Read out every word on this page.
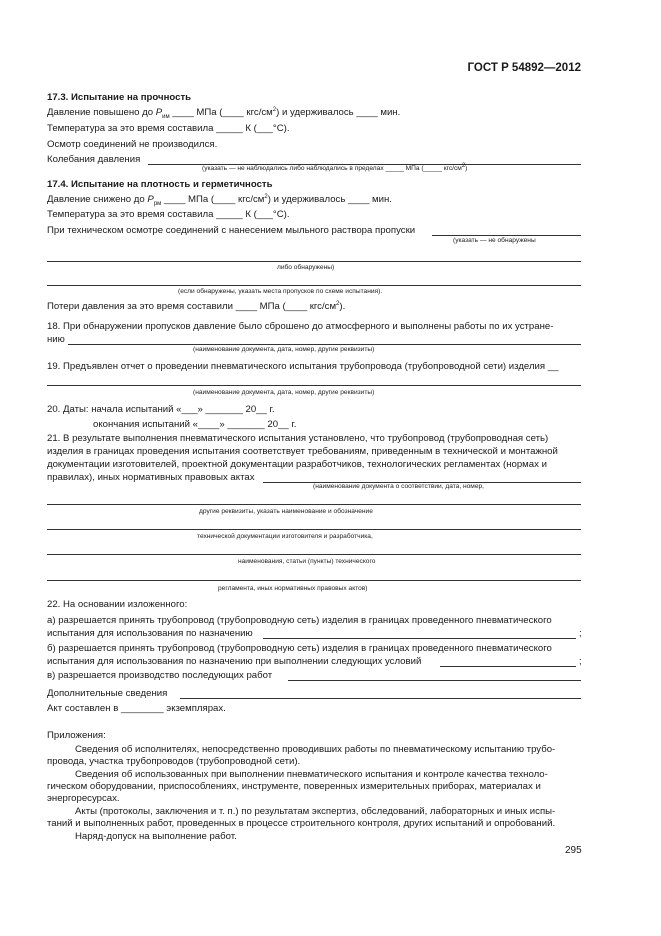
ГОСТ Р 54892—2012
17.3. Испытание на прочность
Давление повышено до $P_{им}$ ____ МПа (____ кгс/$см^2$) и удерживалось ____ мин.
Температура за это время составила _____ К (___°С).
Осмотр соединений не производился.
Колебания давления
(указать — не наблюдались либо наблюдались в пределах _____ МПа (_____ кгс/$см^2$)
17.4. Испытание на плотность и герметичность
Давление снижено до $P_{рм}$ ____ МПа (____ кгс/$см^2$) и удерживалось ____ мин.
Температура за это время составила _____ К (___°С).
При техническом осмотре соединений с нанесением мыльного раствора пропуски
(указать — не обнаружены
либо обнаружены)
(если обнаружены, указать места пропусков по схеме испытания).
Потери давления за это время составили ____ МПа (____ кгс/$см^2$).
18. При обнаружении пропусков давление было сброшено до атмосферного и выполнены работы по их устране-
нию
(наименование документа, дата, номер, другие реквизиты)
19. Предъявлен отчет о проведении пневматического испытания трубопровода (трубопроводной сети) изделия __
(наименование документа, дата, номер, другие реквизиты)
20. Даты: начала испытаний «___» _______ 20__ г.
окончания испытаний «____» _______ 20__ г.
21. В результате выполнения пневматического испытания установлено, что трубопровод (трубопроводная сеть)
изделия в границах проведения испытания соответствует требованиям, приведенным в технической и монтажной
документации изготовителей, проектной документации разработчиков, технологических регламентах (нормах и
правилах), иных нормативных правовых актах
(наименование документа о соответствии, дата, номер,
другие реквизиты, указать наименование и обозначение
технической документации изготовителя и разработчика,
наименования, статьи (пункты) технического
регламента, иных нормативных правовых актов)
22. На основании изложенного:
а) разрешается принять трубопровод (трубопроводную сеть) изделия в границах проведенного пневматического
испытания для использования по назначению	;
б) разрешается принять трубопровод (трубопроводную сеть) изделия в границах проведенного пневматического
испытания для использования по назначению при выполнении следующих условий	;
в) разрешается производство последующих работ
Дополнительные сведения
Акт составлен в ________ экземплярах.
Приложения:
Сведения об исполнителях, непосредственно проводивших работы по пневматическому испытанию трубо-
провода, участка трубопроводов (трубопроводной сети).
Сведения об использованных при выполнении пневматического испытания и контроле качества техноло-
гическом оборудовании, приспособлениях, инструменте, поверенных измерительных приборах, материалах и
энергоресурсах.
Акты (протоколы, заключения и т. п.) по результатам экспертиз, обследований, лабораторных и иных испы-
таний и выполненных работ, проведенных в процессе строительного контроля, других испытаний и опробований.
Наряд-допуск на выполнение работ.
295
